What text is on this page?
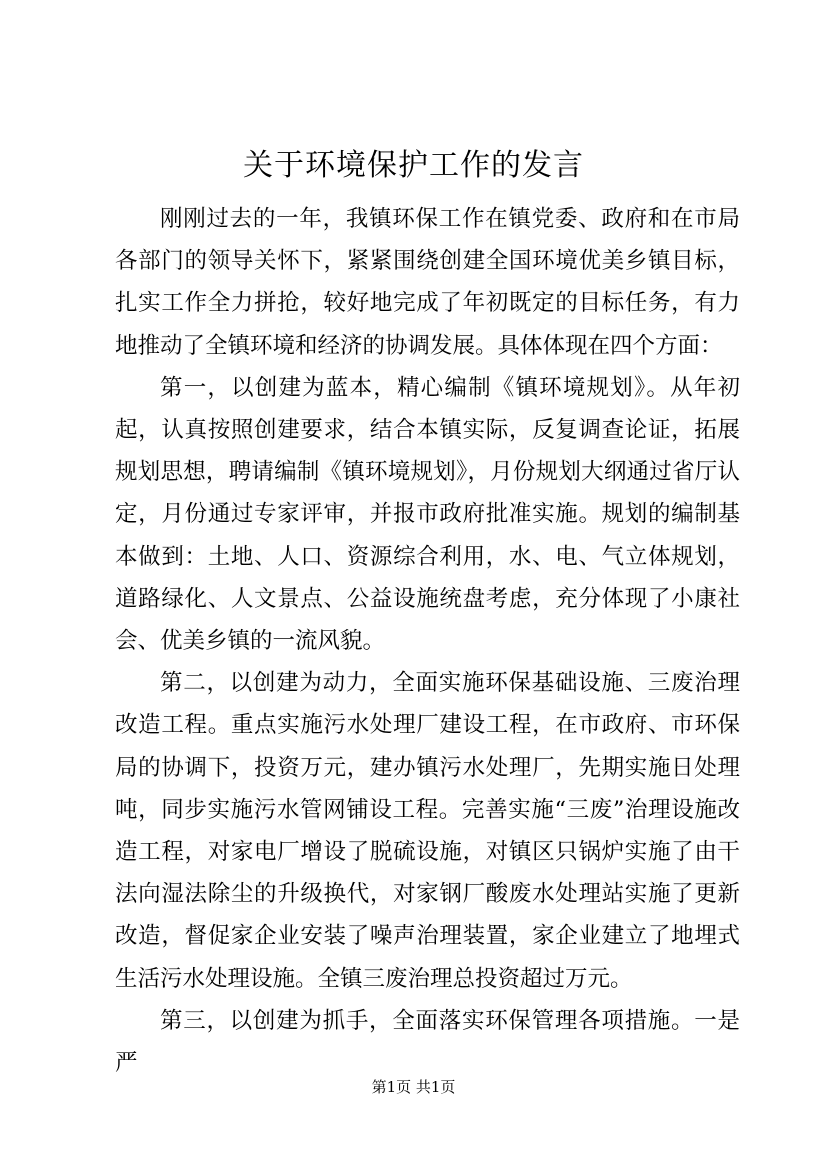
关于环境保护工作的发言

刚刚过去的一年，我镇环保工作在镇党委、政府和在市局各部门的领导关怀下，紧紧围绕创建全国环境优美乡镇目标，扎实工作全力拼抢，较好地完成了年初既定的目标任务，有力地推动了全镇环境和经济的协调发展。具体体现在四个方面：

第一，以创建为蓝本，精心编制《镇环境规划》。从年初起，认真按照创建要求，结合本镇实际，反复调查论证，拓展规划思想，聘请编制《镇环境规划》，月份规划大纲通过省厅认定，月份通过专家评审，并报市政府批准实施。规划的编制基本做到：土地、人口、资源综合利用，水、电、气立体规划，道路绿化、人文景点、公益设施统盘考虑，充分体现了小康社会、优美乡镇的一流风貌。

第二，以创建为动力，全面实施环保基础设施、三废治理改造工程。重点实施污水处理厂建设工程，在市政府、市环保局的协调下，投资万元，建办镇污水处理厂，先期实施日处理吨，同步实施污水管网铺设工程。完善实施“三废”治理设施改造工程，对家电厂增设了脱硫设施，对镇区只锅炉实施了由干法向湿法除尘的升级换代，对家钢厂酸废水处理站实施了更新改造，督促家企业安装了噪声治理装置，家企业建立了地埋式生活污水处理设施。全镇三废治理总投资超过万元。

第三，以创建为抓手，全面落实环保管理各项措施。一是严

第1页 共1页
